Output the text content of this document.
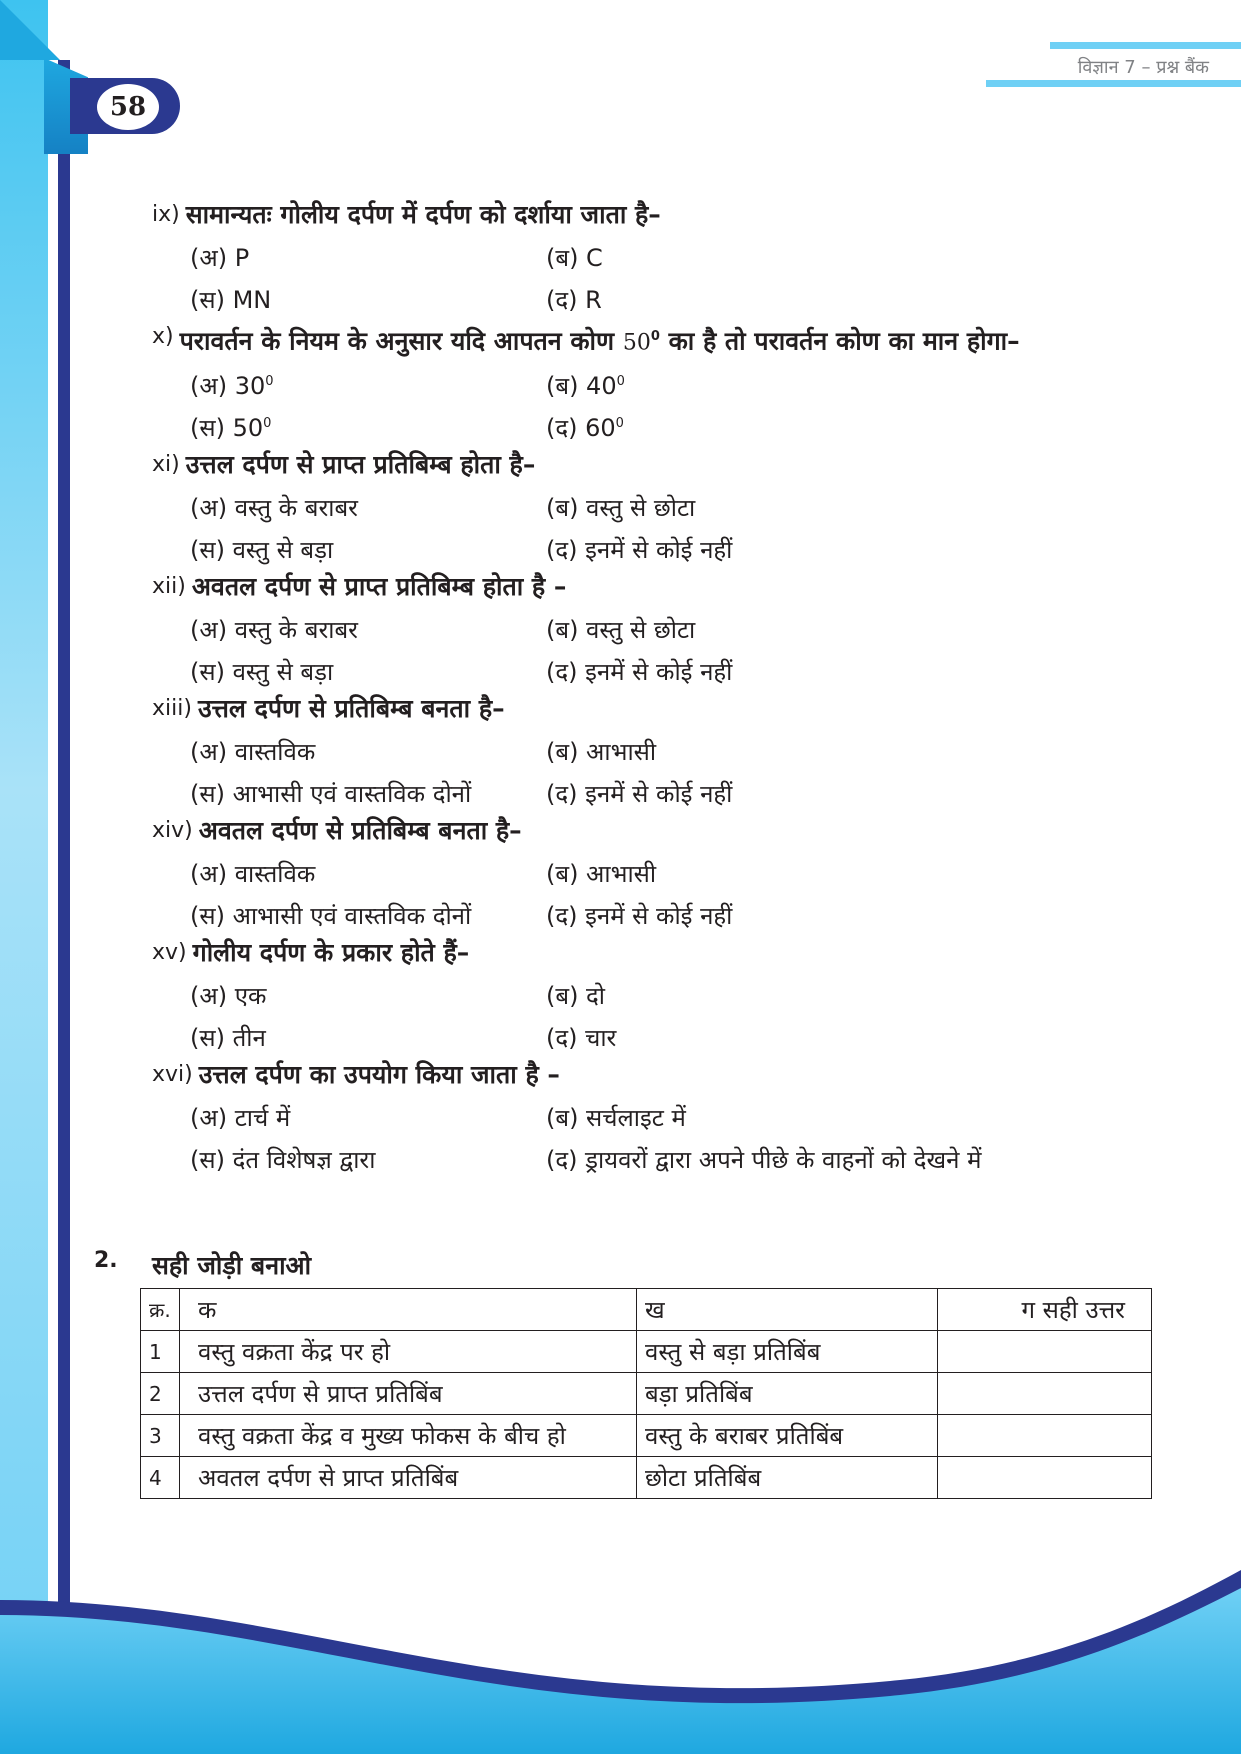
58
विज्ञान 7 – प्रश्न बैंक
ix) सामान्यतः गोलीय दर्पण में दर्पण को दर्शाया जाता है–
(अ) P	(ब) C
(स) MN	(द) R
x) परावर्तन के नियम के अनुसार यदि आपतन कोण $50^0$ का है तो परावर्तन कोण का मान होगा–
(अ) $30^0$	(ब) $40^0$
(स) $50^0$	(द) $60^0$
xi) उत्तल दर्पण से प्राप्त प्रतिबिम्ब होता है–
(अ) वस्तु के बराबर	(ब) वस्तु से छोटा
(स) वस्तु से बड़ा	(द) इनमें से कोई नहीं
xii) अवतल दर्पण से प्राप्त प्रतिबिम्ब होता है –
(अ) वस्तु के बराबर	(ब) वस्तु से छोटा
(स) वस्तु से बड़ा	(द) इनमें से कोई नहीं
xiii) उत्तल दर्पण से प्रतिबिम्ब बनता है–
(अ) वास्तविक	(ब) आभासी
(स) आभासी एवं वास्तविक दोनों	(द) इनमें से कोई नहीं
xiv) अवतल दर्पण से प्रतिबिम्ब बनता है–
(अ) वास्तविक	(ब) आभासी
(स) आभासी एवं वास्तविक दोनों	(द) इनमें से कोई नहीं
xv) गोलीय दर्पण के प्रकार होते हैं–
(अ) एक	(ब) दो
(स) तीन	(द) चार
xvi) उत्तल दर्पण का उपयोग किया जाता है –
(अ) टार्च में	(ब) सर्चलाइट में
(स) दंत विशेषज्ञ द्वारा	(द) ड्रायवरों द्वारा अपने पीछे के वाहनों को देखने में
2.	सही जोड़ी बनाओ
क्र.	क	ख	ग सही उत्तर
1	वस्तु वक्रता केंद्र पर हो	वस्तु से बड़ा प्रतिबिंब	
2	उत्तल दर्पण से प्राप्त प्रतिबिंब	बड़ा प्रतिबिंब	
3	वस्तु वक्रता केंद्र व मुख्य फोकस के बीच हो	वस्तु के बराबर प्रतिबिंब	
4	अवतल दर्पण से प्राप्त प्रतिबिंब	छोटा प्रतिबिंब	
